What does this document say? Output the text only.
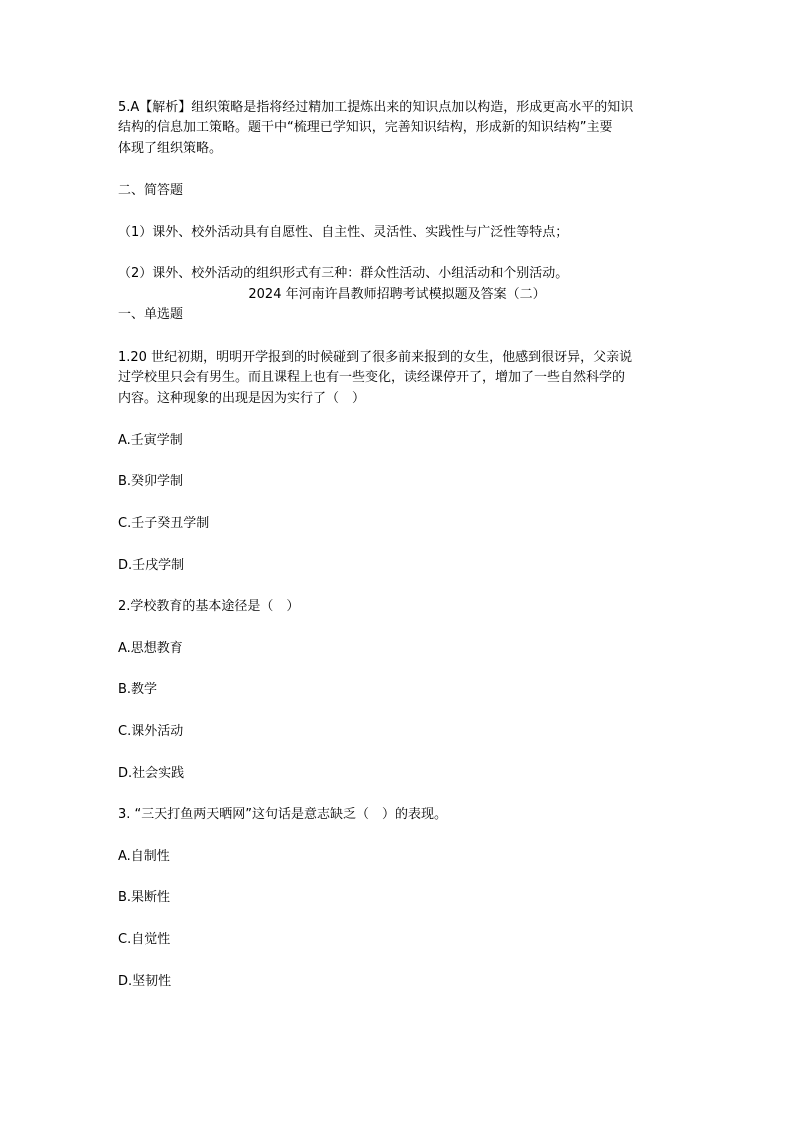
5.A【解析】组织策略是指将经过精加工提炼出来的知识点加以构造，形成更高水平的知识
结构的信息加工策略。题干中“梳理已学知识，完善知识结构，形成新的知识结构”主要
体现了组织策略。
二、简答题
（1）课外、校外活动具有自愿性、自主性、灵活性、实践性与广泛性等特点；
（2）课外、校外活动的组织形式有三种：群众性活动、小组活动和个别活动。
2024 年河南许昌教师招聘考试模拟题及答案（二）
一、单选题
1.20 世纪初期，明明开学报到的时候碰到了很多前来报到的女生，他感到很讶异，父亲说
过学校里只会有男生。而且课程上也有一些变化，读经课停开了，增加了一些自然科学的
内容。这种现象的出现是因为实行了（　）
A.壬寅学制
B.癸卯学制
C.壬子癸丑学制
D.壬戌学制
2.学校教育的基本途径是（　）
A.思想教育
B.教学
C.课外活动
D.社会实践
3. “三天打鱼两天晒网”这句话是意志缺乏（　）的表现。
A.自制性
B.果断性
C.自觉性
D.坚韧性
